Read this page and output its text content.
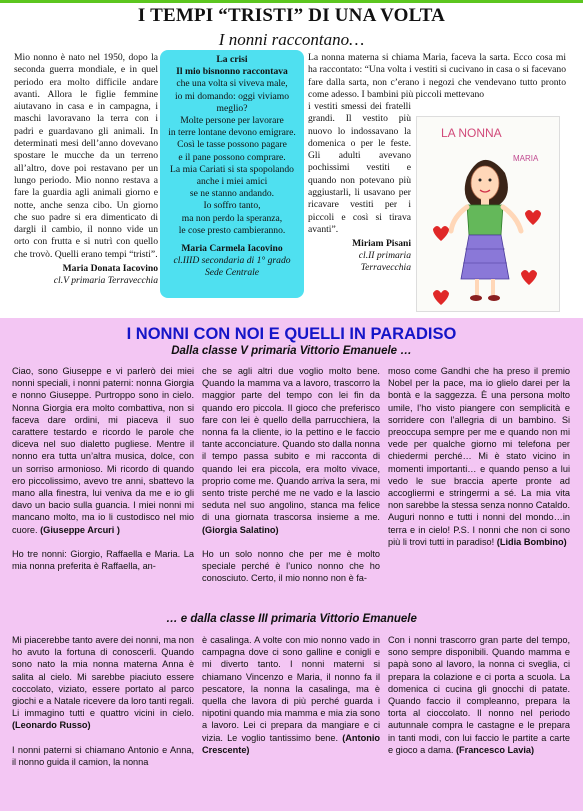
I TEMPI “TRISTI” DI UNA VOLTA
I nonni raccontano…

Mio nonno è nato nel 1950, dopo la seconda guerra mondiale, e in quel periodo era molto difficile andare avanti. Allora le figlie femmine aiutavano in casa e in campagna, i maschi lavoravano la terra con i padri e guardavano gli animali. In determinati mesi dell’anno dovevano spostare le mucche da un terreno all’altro, dove poi restavano per un lungo periodo. Mio nonno restava a fare la guardia agli animali giorno e notte, anche senza cibo. Un giorno che suo padre si era dimenticato di dargli il cambio, il nonno vide un orto con frutta e si nutrì con quello che trovò. Quelli erano tempi “tristi”.

Maria Donata Iacovino
cl.V primaria Terravecchia
La crisi
Il mio bisnonno raccontava
che una volta si viveva male,
io mi domando: oggi viviamo meglio?
Molte persone per lavorare
in terre lontane devono emigrare.
Così le tasse possono pagare
e il pane possono comprare.
La mia Cariati si sta spopolando
anche i miei amici
se ne stanno andando.
Io soffro tanto,
ma non perdo la speranza,
le cose presto cambieranno.
Maria Carmela Iacovino
cl.IIID secondaria di 1° grado
Sede Centrale

La nonna materna si chiama Maria, faceva la sarta. Ecco cosa mi ha raccontato: “Una volta i vestiti si cucivano in casa o si facevano fare dalla sarta, non c’erano i negozi che vendevano tutto pronto come adesso. I bambini più piccoli mettevano

i vestiti smessi dei fratelli grandi. Il vestito più nuovo lo indossavano la domenica o per le feste. Gli adulti avevano pochissimi vestiti e quando non potevano più aggiustarli, li usavano per ricavare vestiti per i piccoli e così si tirava avanti”.

Miriam Pisani
cl.II primaria
Terravecchia
LA NONNA
MARIA
I NONNI CON NOI E QUELLI IN PARADISO
Dalla classe V primaria Vittorio Emanuele …

Ciao, sono Giuseppe e vi parlerò dei miei nonni speciali, i nonni paterni: nonna Giorgia e nonno Giuseppe. Purtroppo sono in cielo. Nonna Giorgia era molto combattiva, non si faceva dare ordini, mi piaceva il suo carattere testardo e ricordo le parole che diceva nel suo dialetto pugliese. Mentre il nonno era tutta un’altra musica, dolce, con un sorriso armonioso. Mi ricordo di quando ero piccolissimo, avevo tre anni, sbattevo la mano alla finestra, lui veniva da me e io gli davo un bacio sulla guancia. I miei nonni mi mancano molto, ma io li custodisco nel mio cuore. (Giuseppe Arcuri )

Ho tre nonni: Giorgio, Raffaella e Maria. La mia nonna preferita è Raffaella, an-

che se agli altri due voglio molto bene. Quando la mamma va a lavoro, trascorro la maggior parte del tempo con lei fin da quando ero piccola. Il gioco che preferisco fare con lei è quello della parrucchiera, la nonna fa la cliente, io la pettino e le faccio tante acconciature. Quando sto dalla nonna il tempo passa subito e mi racconta di quando lei era piccola, era molto vivace, proprio come me. Quando arriva la sera, mi sento triste perché me ne vado e la lascio seduta nel suo angolino, stanca ma felice di una giornata trascorsa insieme a me. (Giorgia Salatino)

Ho un solo nonno che per me è molto speciale perché è l’unico nonno che ho conosciuto. Certo, il mio nonno non è fa-

moso come Gandhi che ha preso il premio Nobel per la pace, ma io glielo darei per la bontà e la saggezza. È una persona molto umile, l’ho visto piangere con semplicità e sorridere con l’allegria di un bambino. Si preoccupa sempre per me e quando non mi vede per qualche giorno mi telefona per chiedermi perché… Mi è stato vicino in momenti importanti… e quando penso a lui vedo le sue braccia aperte pronte ad accogliermi e stringermi a sé. La mia vita non sarebbe la stessa senza nonno Cataldo. Auguri nonno e tutti i nonni del mondo…in terra e in cielo! P.S. I nonni che non ci sono più li trovi tutti in paradiso! (Lidia Bombino)

… e dalla classe III primaria Vittorio Emanuele

Mi piacerebbe tanto avere dei nonni, ma non ho avuto la fortuna di conoscerli. Quando sono nato la mia nonna materna Anna è salita al cielo. Mi sarebbe piaciuto essere coccolato, viziato, essere portato al parco giochi e a Natale ricevere da loro tanti regali. Li immagino tutti e quattro vicini in cielo. (Leonardo Russo)

I nonni paterni si chiamano Antonio e Anna, il nonno guida il camion, la nonna

è casalinga. A volte con mio nonno vado in campagna dove ci sono galline e conigli e mi diverto tanto. I nonni materni si chiamano Vincenzo e Maria, il nonno fa il pescatore, la nonna la casalinga, ma è quella che lavora di più perché guarda i nipotini quando mia mamma e mia zia sono a lavoro. Lei ci prepara da mangiare e ci vizia. Le voglio tantissimo bene. (Antonio Crescente)

Con i nonni trascorro gran parte del tempo, sono sempre disponibili. Quando mamma e papà sono al lavoro, la nonna ci sveglia, ci prepara la colazione e ci porta a scuola. La domenica ci cucina gli gnocchi di patate. Quando faccio il compleanno, prepara la torta al cioccolato. Il nonno nel periodo autunnale compra le castagne e le prepara in tanti modi, con lui faccio le partite a carte e gioco a dama. (Francesco Lavia)
